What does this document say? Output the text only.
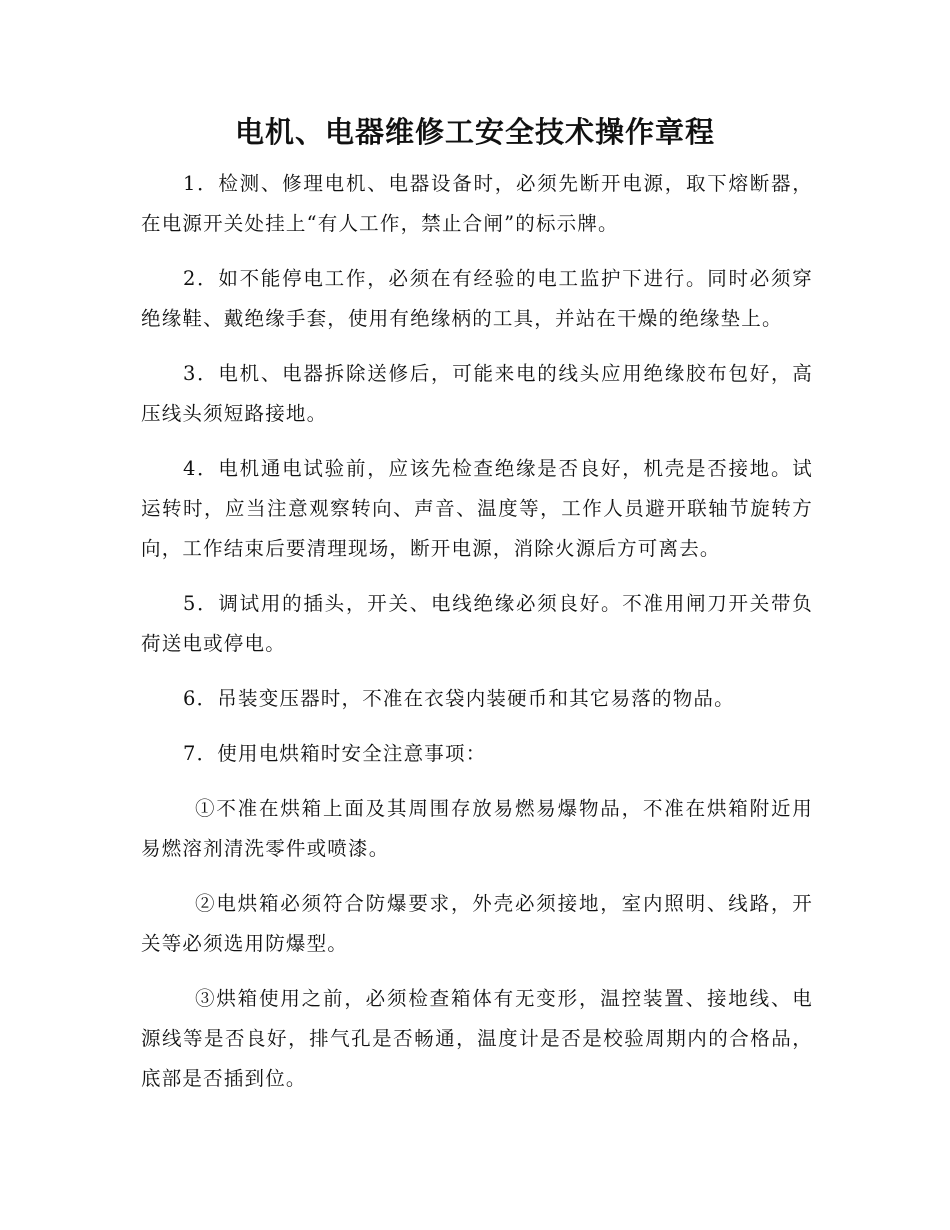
电机、电器维修工安全技术操作章程

1．检测、修理电机、电器设备时，必须先断开电源，取下熔断器，在电源开关处挂上“有人工作，禁止合闸”的标示牌。

2．如不能停电工作，必须在有经验的电工监护下进行。同时必须穿绝缘鞋、戴绝缘手套，使用有绝缘柄的工具，并站在干燥的绝缘垫上。

3．电机、电器拆除送修后，可能来电的线头应用绝缘胶布包好，高压线头须短路接地。

4．电机通电试验前，应该先检查绝缘是否良好，机壳是否接地。试运转时，应当注意观察转向、声音、温度等，工作人员避开联轴节旋转方向，工作结束后要清理现场，断开电源，消除火源后方可离去。

5．调试用的插头，开关、电线绝缘必须良好。不准用闸刀开关带负荷送电或停电。

6．吊装变压器时，不准在衣袋内装硬币和其它易落的物品。

7．使用电烘箱时安全注意事项：

①不准在烘箱上面及其周围存放易燃易爆物品，不准在烘箱附近用易燃溶剂清洗零件或喷漆。

②电烘箱必须符合防爆要求，外壳必须接地，室内照明、线路，开关等必须选用防爆型。

③烘箱使用之前，必须检查箱体有无变形，温控装置、接地线、电源线等是否良好，排气孔是否畅通，温度计是否是校验周期内的合格品，底部是否插到位。
